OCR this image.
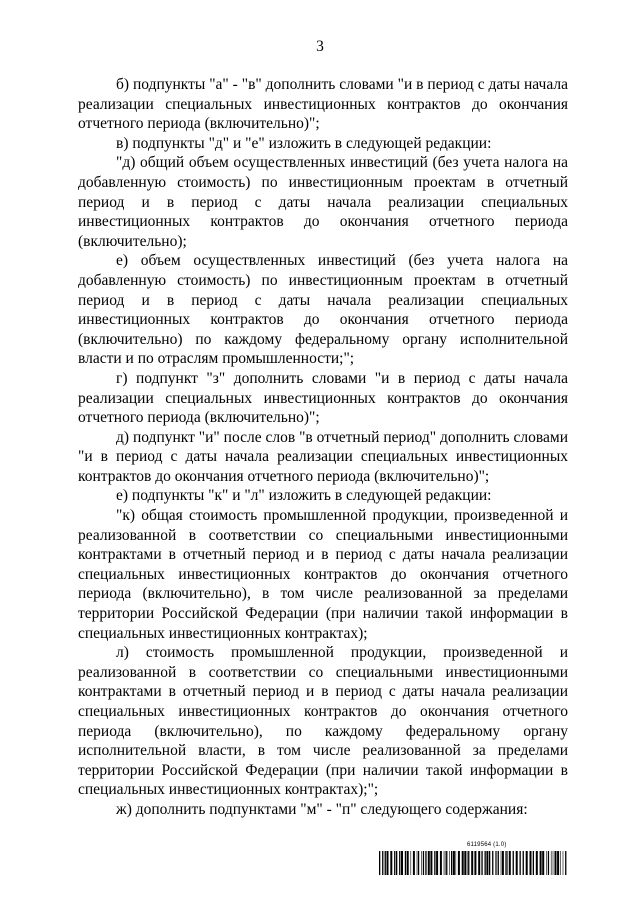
3

б) подпункты "а" - "в" дополнить словами "и в период с даты начала реализации специальных инвестиционных контрактов до окончания отчетного периода (включительно)";

в) подпункты "д" и "е" изложить в следующей редакции:

"д) общий объем осуществленных инвестиций (без учета налога на добавленную стоимость) по инвестиционным проектам в отчетный период и в период с даты начала реализации специальных инвестиционных контрактов до окончания отчетного периода (включительно);

е) объем осуществленных инвестиций (без учета налога на добавленную стоимость) по инвестиционным проектам в отчетный период и в период с даты начала реализации специальных инвестиционных контрактов до окончания отчетного периода (включительно) по каждому федеральному органу исполнительной власти и по отраслям промышленности;";

г) подпункт "з" дополнить словами "и в период с даты начала реализации специальных инвестиционных контрактов до окончания отчетного периода (включительно)";

д) подпункт "и" после слов "в отчетный период" дополнить словами "и в период с даты начала реализации специальных инвестиционных контрактов до окончания отчетного периода (включительно)";

е) подпункты "к" и "л" изложить в следующей редакции:

"к) общая стоимость промышленной продукции, произведенной и реализованной в соответствии со специальными инвестиционными контрактами в отчетный период и в период с даты начала реализации специальных инвестиционных контрактов до окончания отчетного периода (включительно), в том числе реализованной за пределами территории Российской Федерации (при наличии такой информации в специальных инвестиционных контрактах);

л) стоимость промышленной продукции, произведенной и реализованной в соответствии со специальными инвестиционными контрактами в отчетный период и в период с даты начала реализации специальных инвестиционных контрактов до окончания отчетного периода (включительно), по каждому федеральному органу исполнительной власти, в том числе реализованной за пределами территории Российской Федерации (при наличии такой информации в специальных инвестиционных контрактах);";

ж) дополнить подпунктами "м" - "п" следующего содержания:

6119564 (1.0)
